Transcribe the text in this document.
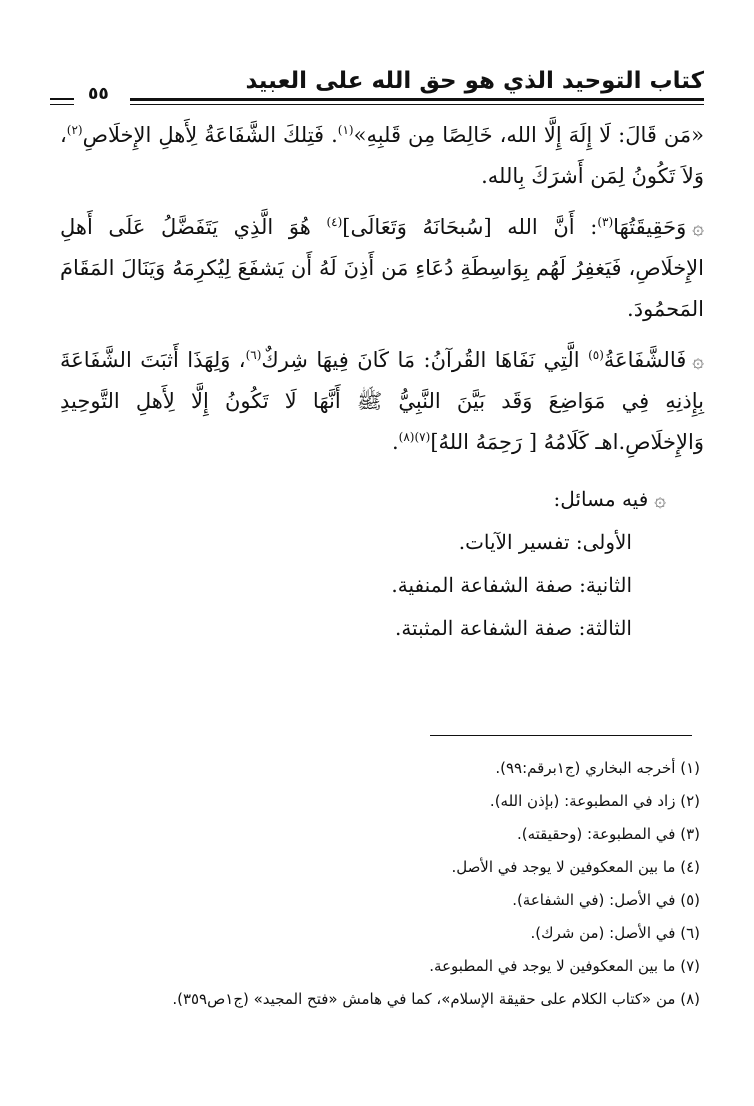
كتاب التوحيد الذي هو حق الله على العبيد
٥٥

«مَن قَالَ: لَا إِلَهَ إِلَّا الله، خَالِصًا مِن قَلبِهِ»$^{(١)}$. فَتِلكَ الشَّفَاعَةُ لِأَهلِ الإِخلَاصِ$^{(٢)}$، وَلاَ تَكُونُ لِمَن أَشرَكَ بِالله.

۞وَحَقِيقَتُهَا$^{(٣)}$: أَنَّ الله [سُبحَانَهُ وَتَعَالَى]$^{(٤)}$ هُوَ الَّذِي يَتَفَضَّلُ عَلَى أَهلِ الإِخلَاصِ، فَيَغفِرُ لَهُم بِوَاسِطَةِ دُعَاءِ مَن أَذِنَ لَهُ أَن يَشفَعَ لِيُكرِمَهُ وَيَنَالَ المَقَامَ المَحمُودَ.

۞فَالشَّفَاعَةُ$^{(٥)}$ الَّتِي نَفَاهَا القُرآنُ: مَا كَانَ فِيهَا شِركٌ$^{(٦)}$، وَلِهَذَا أَثبَتَ الشَّفَاعَةَ بِإِذنِهِ فِي مَوَاضِعَ وَقَد بَيَّنَ النَّبِيُّ ﷺ أَنَّهَا لَا تَكُونُ إِلَّا لِأَهلِ التَّوحِيدِ وَالإِخلَاصِ.اهـ كَلَامُهُ [ رَحِمَهُ اللهُ]$^{(٧)(٨)}$.

۞فيه مسائل:
الأولى: تفسير الآيات.
الثانية: صفة الشفاعة المنفية.
الثالثة: صفة الشفاعة المثبتة.
(١) أخرجه البخاري (ج١برقم:٩٩).
(٢) زاد في المطبوعة: (بإذن الله).
(٣) في المطبوعة: (وحقيقته).
(٤) ما بين المعكوفين لا يوجد في الأصل.
(٥) في الأصل: (في الشفاعة).
(٦) في الأصل: (من شرك).
(٧) ما بين المعكوفين لا يوجد في المطبوعة.
(٨) من «كتاب الكلام على حقيقة الإسلام»، كما في هامش «فتح المجيد» (ج١ص٣٥٩).
